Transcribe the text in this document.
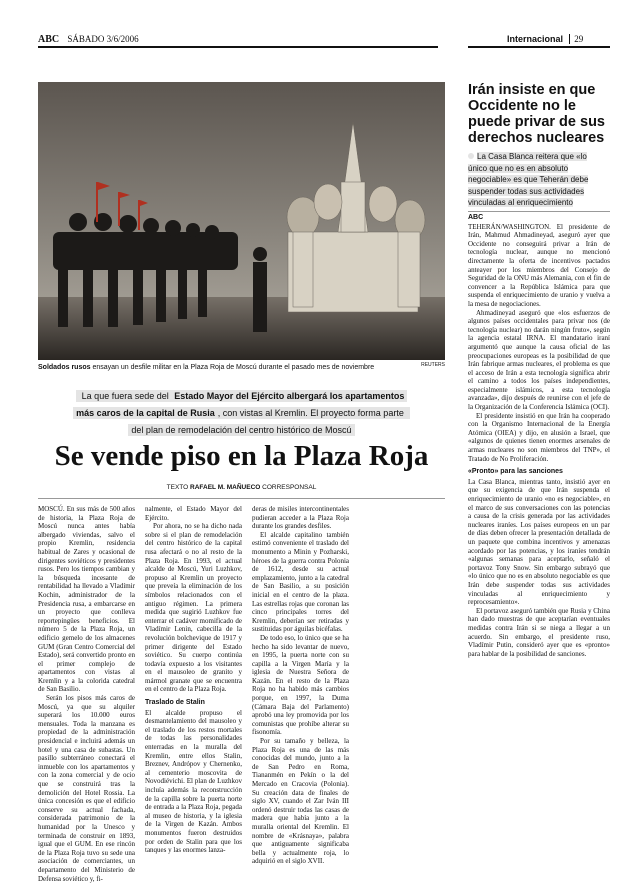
ABC SÁBADO 3/6/2006	Internacional 29
Soldados rusos ensayan un desfile militar en la Plaza Roja de Moscú durante el pasado mes de noviembre	REUTERS
La que fuera sede del Estado Mayor del Ejército albergará los apartamentos
más caros de la capital de Rusia , con vistas al Kremlin. El proyecto forma parte
del plan de remodelación del centro histórico de Moscú
Se vende piso en la Plaza Roja
TEXTO RAFAEL M. MAÑUECO CORRESPONSAL

MOSCÚ. En sus más de 500 años de historia, la Plaza Roja de Moscú nunca antes había albergado viviendas, salvo el propio Kremlin, residencia habitual de Zares y ocasional de dirigentes soviéticos y presidentes rusos. Pero los tiempos cambian y la búsqueda incesante de rentabilidad ha llevado a Vladímir Kochin, administrador de la Presidencia rusa, a embarcarse en un proyecto que conlleva reportepingües beneficios. El número 5 de la Plaza Roja, un edificio gemelo de los almacenes GUM (Gran Centro Comercial del Estado), será convertido pronto en el primer complejo de apartamentos con vistas al Kremlin y a la colorida catedral de San Basilio.

Serán los pisos más caros de Moscú, ya que su alquiler superará los 10.000 euros mensuales. Toda la manzana es propiedad de la administración presidencial e incluirá además un hotel y una casa de subastas. Un pasillo subterráneo conectará el inmueble con los apartamentos y con la zona comercial y de ocio que se construirá tras la demolición del Hotel Rossia. La única concesión es que el edificio conserve su actual fachada, considerada patrimonio de la humanidad por la Unesco y terminada de construir en 1893, igual que el GUM. En ese rincón de la Plaza Roja tuvo su sede una asociación de comerciantes, un departamento del Ministerio de Defensa soviético y, fi-

nalmente, el Estado Mayor del Ejército.

Por ahora, no se ha dicho nada sobre si el plan de remodelación del centro histórico de la capital rusa afectará o no al resto de la Plaza Roja. En 1993, el actual alcalde de Moscú, Yuri Luzhkov, propuso al Kremlin un proyecto que preveía la eliminación de los símbolos relacionados con el antiguo régimen. La primera medida que sugirió Luzhkov fue enterrar el cadáver momificado de Vladímir Lenin, cabecilla de la revolución bolchevique de 1917 y primer dirigente del Estado soviético. Su cuerpo continúa todavía expuesto a los visitantes en el mausoleo de granito y mármol granate que se encuentra en el centro de la Plaza Roja.

Traslado de Stalin

El alcalde propuso el desmantelamiento del mausoleo y el traslado de los restos mortales de todas las personalidades enterradas en la muralla del Kremlin, entre ellos Stalin, Breznev, Andrópov y Chernenko, al cementerio moscovita de Novodiévichi. El plan de Luzhkov incluía además la reconstrucción de la capilla sobre la puerta norte de entrada a la Plaza Roja, pegada al museo de historia, y la iglesia de la Virgen de Kazán. Ambos monumentos fueron destruidos por orden de Stalin para que los tanques y las enormes lanza-

deras de misiles intercontinentales pudieran acceder a la Plaza Roja durante los grandes desfiles.

El alcalde capitalino también estimó conveniente el traslado del monumento a Minin y Pozharski, héroes de la guerra contra Polonia de 1612, desde su actual emplazamiento, junto a la catedral de San Basilio, a su posición inicial en el centro de la plaza. Las estrellas rojas que coronan las cinco principales torres del Kremlin, deberían ser retiradas y sustituidas por águilas bicéfalas.

De todo eso, lo único que se ha hecho ha sido levantar de nuevo, en 1995, la puerta norte con su capilla a la Virgen María y la iglesia de Nuestra Señora de Kazán. En el resto de la Plaza Roja no ha habido más cambios porque, en 1997, la Duma (Cámara Baja del Parlamento) aprobó una ley promovida por los comunistas que prohíbe alterar su fisonomía.

Por su tamaño y belleza, la Plaza Roja es una de las más conocidas del mundo, junto a la de San Pedro en Roma, Tiananmén en Pekín o la del Mercado en Cracovia (Polonia). Su creación data de finales de siglo XV, cuando el Zar Iván III ordenó destruir todas las casas de madera que había junto a la muralla oriental del Kremlin. El nombre de «Krásnaya», palabra que antiguamente significaba bella y actualmente roja, lo adquirió en el siglo XVII.

Irán insiste en que Occidente no le puede privar de sus derechos nucleares
La Casa Blanca reitera que «lo único que no es en absoluto negociable» es que Teherán debe suspender todas sus actividades vinculadas al enriquecimiento
ABC

TEHERÁN/WASHINGTON. El presidente de Irán, Mahmud Ahmadineyad, aseguró ayer que Occidente no conseguirá privar a Irán de tecnología nuclear, aunque no mencionó directamente la oferta de incentivos pactados anteayer por los miembros del Consejo de Seguridad de la ONU más Alemania, con el fin de convencer a la República Islámica para que suspenda el enriquecimiento de uranio y vuelva a la mesa de negociaciones.

Ahmadineyad aseguró que «los esfuerzos de algunos países occidentales para privar nos (de tecnología nuclear) no darán ningún fruto», según la agencia estatal IRNA. El mandatario iraní argumentó que aunque la causa oficial de las preocupaciones europeas es la posibilidad de que Irán fabrique armas nucleares, el problema es que el acceso de Irán a esta tecnología significa abrir el camino a todos los países independientes, especialmente islámicos, a esta tecnología avanzada», dijo después de reunirse con el jefe de la Organización de la Conferencia Islámica (OCI).

El presidente insistió en que Irán ha cooperado con la Organismo Internacional de la Energía Atómica (OIEA) y dijo, en alusión a Israel, que «algunos de quienes tienen enormes arsenales de armas nucleares no son miembros del TNP», el Tratado de No Proliferación.

«Pronto» para las sanciones

La Casa Blanca, mientras tanto, insistió ayer en que su exigencia de que Irán suspenda el enriquecimiento de uranio «no es negociable», en el marco de sus conversaciones con las potencias a causa de la crisis generada por las actividades nucleares iraníes. Los países europeos en un par de días deben ofrecer la presentación detallada de un paquete que combina incentivos y amenazas acordado por las potencias, y los iraníes tendrán «algunas semanas para aceptarlo, señaló el portavoz Tony Snow. Sin embargo subrayó que «lo único que no es en absoluto negociable es que Irán debe suspender todas sus actividades vinculadas al enriquecimiento y reprocesamiento».

El portavoz aseguró también que Rusia y China han dado muestras de que aceptarían eventuales medidas contra Irán si se niega a llegar a un acuerdo. Sin embargo, el presidente ruso, Vladímir Putin, consideró ayer que es «pronto» para hablar de la posibilidad de sanciones.
